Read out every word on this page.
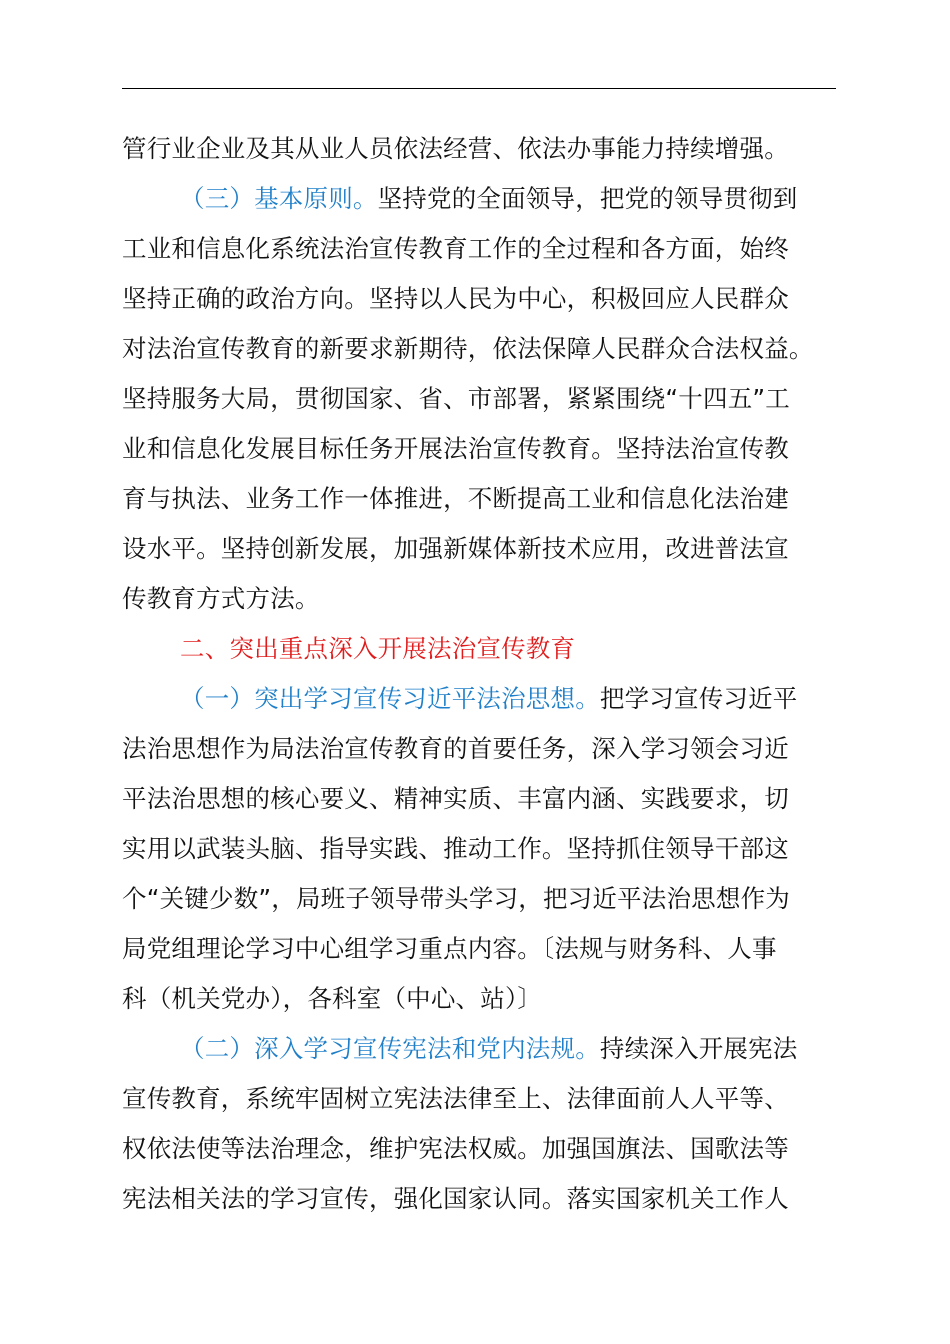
管行业企业及其从业人员依法经营、依法办事能力持续增强。
（三）基本原则。坚持党的全面领导，把党的领导贯彻到
工业和信息化系统法治宣传教育工作的全过程和各方面，始终
坚持正确的政治方向。坚持以人民为中心，积极回应人民群众
对法治宣传教育的新要求新期待，依法保障人民群众合法权益。
坚持服务大局，贯彻国家、省、市部署，紧紧围绕“十四五”工
业和信息化发展目标任务开展法治宣传教育。坚持法治宣传教
育与执法、业务工作一体推进，不断提高工业和信息化法治建
设水平。坚持创新发展，加强新媒体新技术应用，改进普法宣
传教育方式方法。
二、突出重点深入开展法治宣传教育
（一）突出学习宣传习近平法治思想。把学习宣传习近平
法治思想作为局法治宣传教育的首要任务，深入学习领会习近
平法治思想的核心要义、精神实质、丰富内涵、实践要求，切
实用以武装头脑、指导实践、推动工作。坚持抓住领导干部这
个“关键少数”，局班子领导带头学习，把习近平法治思想作为
局党组理论学习中心组学习重点内容。〔法规与财务科、人事
科（机关党办），各科室（中心、站）〕
（二）深入学习宣传宪法和党内法规。持续深入开展宪法
宣传教育，系统牢固树立宪法法律至上、法律面前人人平等、
权依法使等法治理念，维护宪法权威。加强国旗法、国歌法等
宪法相关法的学习宣传，强化国家认同。落实国家机关工作人
